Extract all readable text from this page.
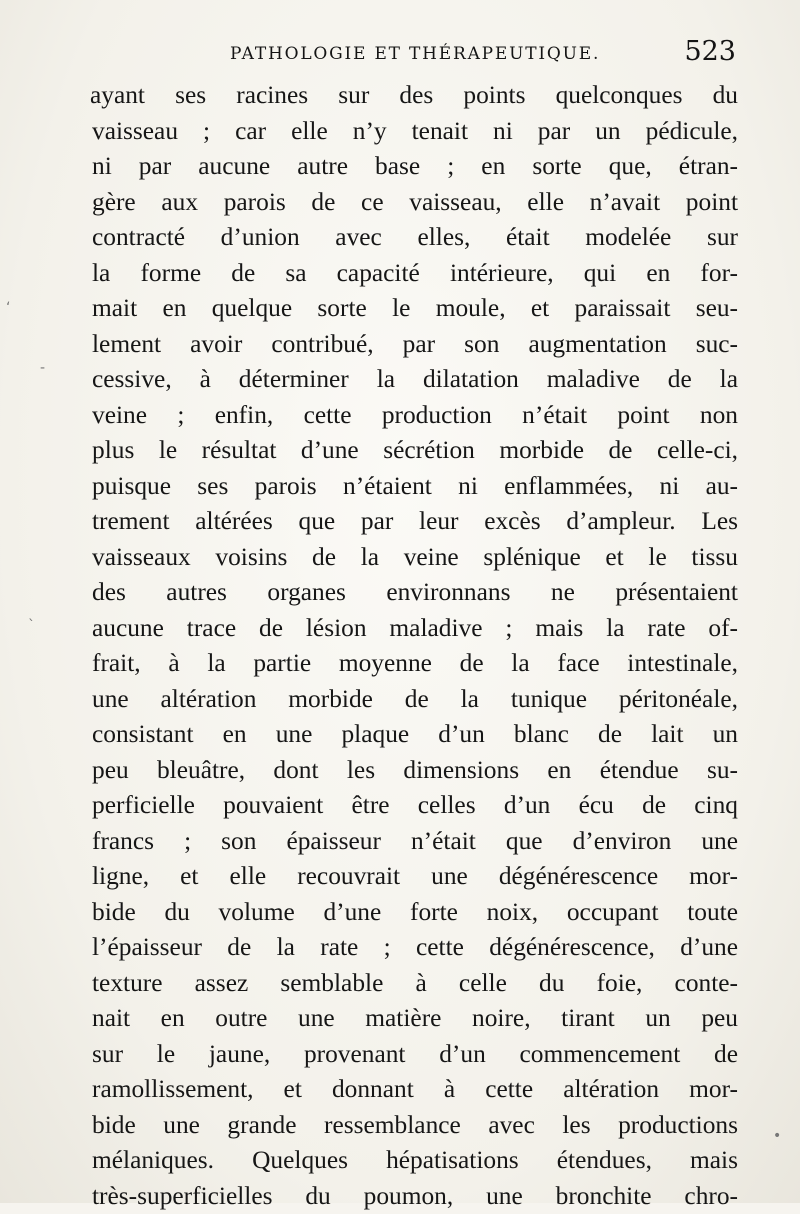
PATHOLOGIE ET THÉRAPEUTIQUE.	523
ayant ses racines sur des points quelconques du
vaisseau ; car elle n’y tenait ni par un pédicule,
ni par aucune autre base ; en sorte que, étran-
gère aux parois de ce vaisseau, elle n’avait point
contracté d’union avec elles, était modelée sur
la forme de sa capacité intérieure, qui en for-
mait en quelque sorte le moule, et paraissait seu-
lement avoir contribué, par son augmentation suc-
cessive, à déterminer la dilatation maladive de la
veine ; enfin, cette production n’était point non
plus le résultat d’une sécrétion morbide de celle-ci,
puisque ses parois n’étaient ni enflammées, ni au-
trement altérées que par leur excès d’ampleur. Les
vaisseaux voisins de la veine splénique et le tissu
des autres organes environnans ne présentaient
aucune trace de lésion maladive ; mais la rate of-
frait, à la partie moyenne de la face intestinale,
une altération morbide de la tunique péritonéale,
consistant en une plaque d’un blanc de lait un
peu bleuâtre, dont les dimensions en étendue su-
perficielle pouvaient être celles d’un écu de cinq
francs ; son épaisseur n’était que d’environ une
ligne, et elle recouvrait une dégénérescence mor-
bide du volume d’une forte noix, occupant toute
l’épaisseur de la rate ; cette dégénérescence, d’une
texture assez semblable à celle du foie, conte-
nait en outre une matière noire, tirant un peu
sur le jaune, provenant d’un commencement de
ramollissement, et donnant à cette altération mor-
bide une grande ressemblance avec les productions
mélaniques. Quelques hépatisations étendues, mais
très-superficielles du poumon, une bronchite chro-
‘
-
`
•
